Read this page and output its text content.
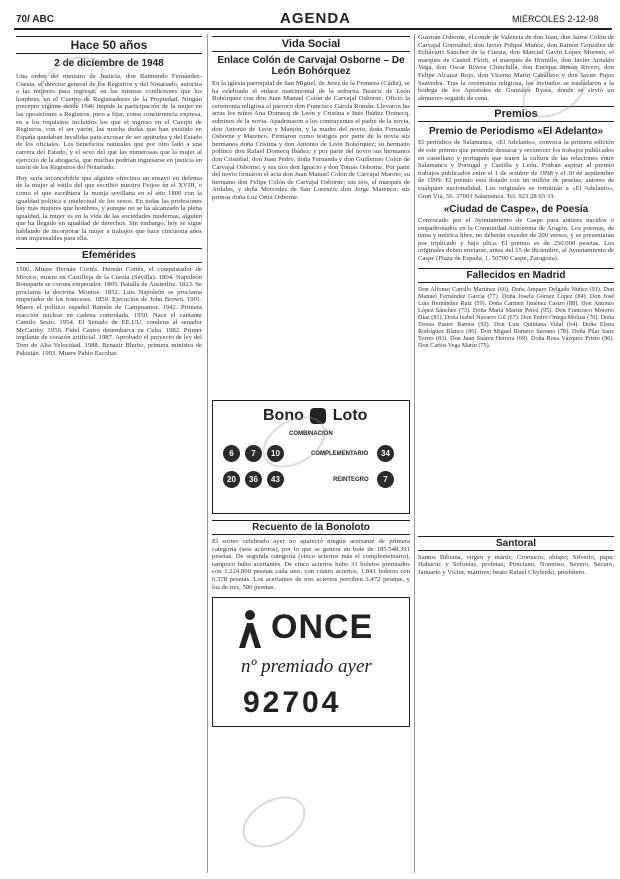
70/ ABC	AGENDA	MIÉRCOLES 2-12-98
Hace 50 años
2 de diciembre de 1948

Una orden del ministro de Justicia, don Raimundo Fernández-Cuesta, al director general de los Registros y del Notariado, autoriza a las mujeres para ingresar, en las mismas condiciones que los hombres, en el Cuerpo de Registradores de la Propiedad. Ningún precepto vigente desde 1946 impide la participación de la mujer en las oposiciones a Registros, pero a fijar, como concurrencia expresa, en a los requisitos incluidos los que el ingreso en el Cuerpo de Registros, con el ser varón, las mucha dudas que han existido en España quedaban invalidas para excusar de ser aptitudes y del Estado de los oficiales. Los beneficios naturales que por otro lado a una carrera del Estado, y el sexo del que las numerosas que la mujer al ejercicio de la abogacía, que muchas podrían ingresarse en justicia en razón de los Registros del Notariado.

Hoy sería inconcebible que alguien ofreciera un ensayo en defensa de la mujer al estilo del que escribió nuestro Feijoo en el XVIII, o como el que escribiera la monja sevillana en el año 1800 con la igualdad política e intelectual de los sexos. En todas las profesiones hay más mujeres que hombres, y aunque no se ha alcanzado la plena igualdad, la mujer es en la vida de las sociedades modernas, alguien que ha llegado en igualdad de derechos. Sin embargo, hoy se sigue hablando de incorporar la mujer a trabajos que hace cincuenta años eran impensables para ella.

Efemérides

1506. Muere Hernán Cortés. Hernán Cortés, el conquistador de México, muere en Castilleja de la Cuesta (Sevilla). 1804. Napoleón Bonaparte se corona emperador. 1805. Batalla de Austerlitz. 1823. Se proclama la doctrina Monroe. 1852. Luis Napoleón se proclama emperador de los franceses. 1859. Ejecución de John Brown. 1901. Muere el político español Ramón de Campoamor. 1942. Primera reacción nuclear en cadena controlada. 1950. Nace el cantante Camilo Sesto. 1954. El Senado de EE.UU. condena al senador McCarthy. 1956. Fidel Castro desembarca en Cuba. 1982. Primer implante de corazón artificial. 1987. Aprobado el proyecto de ley del Tren de Alta Velocidad. 1988. Benazir Bhutto, primera ministra de Pakistán. 1993. Muere Pablo Escobar.

Vida Social
Enlace Colón de Carvajal Osborne – De León Bohórquez

En la iglesia parroquial de San Miguel, de Jerez de la Frontera (Cádiz), se ha celebrado el enlace matrimonial de la señorita Beatriz de León Bohórquez con don Juan Manuel Colón de Carvajal Osborne. Ofició la ceremonia religiosa el párroco don Francisco García Román. Llevaron las arras los niños Ana Domecq de León y Cristina e Inés Ibáñez Domecq, sobrinos de la novia. Apadrinaron a los contrayentes el padre de la novia, don Antonio de León y Manjón, y la madre del novio, doña Fernanda Osborne y Marenco. Firmaron como testigos por parte de la novia sus hermanos doña Cristina y don Antonio de León Bohórquez; su hermano político don Rafael Domecq Ibáñez; y por parte del novio sus hermanos don Cristóbal, don Juan Pedro, doña Fernanda y don Guillermo Colón de Carvajal Osborne; y sus tíos don Ignacio y don Tomás Osborne. Por parte del novio firmaron el acta don Juan Manuel Colón de Carvajal Maroto, su hermano don Felipe Colón de Carvajal Osborne; sus tíos, el marqués de Ardales, y doña Mercedes de San Lorenzo; don Jorge Marenco; sus primos doña Luz Ortiz Osborne.

Bono Loto
COMBINACIÓN
6	7	10
20	36	43
COMPLEMENTARIO	34
REINTEGRO	7
Recuento de la Bonoloto

El sorteo celebrado ayer no apareció ningún acertante de primera categoría (seis aciertos), por lo que se genera un bote de 185.548.391 pesetas. De segunda categoría (cinco aciertos más el complementario), tampoco hubo acertantes. De cinco aciertos hubo 31 boletos premiados con 1.224.800 pesetas cada uno; con cuatro aciertos, 1.841 boletos con 6.378 pesetas. Los acertantes de tres aciertos perciben 3.472 pesetas, y los de tres, 500 pesetas.

ONCE
nº premiado ayer
92704

Guzmán Osborne, el conde de Valencia de don Juan, don Jaime Colón de Carvajal Gorosábel; don Javier Polqué Muñoz, don Ramón González de Echávarri Sánchez de la Cuesta, don Marcial Gavin López Moreno, el marqués de Casteil Florit, el marqués de Hornillo, don Javier Arnaldo Vega, don Oscar Rivera Chinchilla, don Enrique Simón Rivero, don Felipe Alcaraz Rojo, don Vicente Marín Caballero y don Javier Pujos Saavedra. Tras la ceremonia religiosa, los invitados se trasladaron a la bodega de los Apóstoles de González Byass, donde se sirvió un almuerzo seguido de cena.

Premios
Premio de Periodismo «El Adelanto»

El periódico de Salamanca, «El Adelanto», convoca la primera edición de este premio que pretende destacar y reconocer los trabajos publicados en castellano y portugués que traten la cultura de las relaciones entre Salamanca y Portugal y Castilla y León. Podrán aspirar al premio trabajos publicados entre el 1 de octubre de 1998 y el 30 de septiembre de 1999. El premio está dotado con un millón de pesetas, autores de cualquier nacionalidad. Los originales se remitirán a «El Adelanto», Gran Vía, 56. 37001 Salamanca. Tel. 923 28 03 33.

«Ciudad de Caspe», de Poesía

Convocado por el Ayuntamiento de Caspe para autores nacidos o empadronados en la Comunidad Autónoma de Aragón. Los poemas, de tema y métrica libre, no deberán exceder de 200 versos, y se presentarán por triplicado y bajo plica. El premio es de 250.000 pesetas. Los originales deben enviarse, antes del 15 de diciembre, al Ayuntamiento de Caspe (Plaza de España, 1. 50700 Caspe, Zaragoza).

Fallecidos en Madrid

Don Alfonso Carrillo Martínez (66). Doña Amparo Delgado Núñez (91). Don Manuel Fernández García (77). Doña Josefa Gómez López (84). Don José Luis Hernández Ruiz (59). Doña Carmen Jiménez Castro (88). Don Antonio López Sánchez (73). Doña María Martín Pérez (95). Don Francisco Moreno Díaz (81). Doña Isabel Navarro Gil (67). Don Pedro Ortega Molina (70). Doña Teresa Pastor Ramos (92). Don Luis Quintana Vidal (64). Doña Elena Rodríguez Blanco (86). Don Miguel Romero Serrano (78). Doña Pilar Sanz Torres (83). Don Juan Suárez Herrera (69). Doña Rosa Vázquez Prieto (90). Don Carlos Vega Marín (75).

Santoral

Santos Bibiana, virgen y mártir; Cromacio, obispo; Silverio, papa; Habacuc y Sofonías, profetas; Ponciano, Nonnoso, Severo, Securo, Januario y Víctor, mártires; beato Rafael Chylinski, presbítero.
